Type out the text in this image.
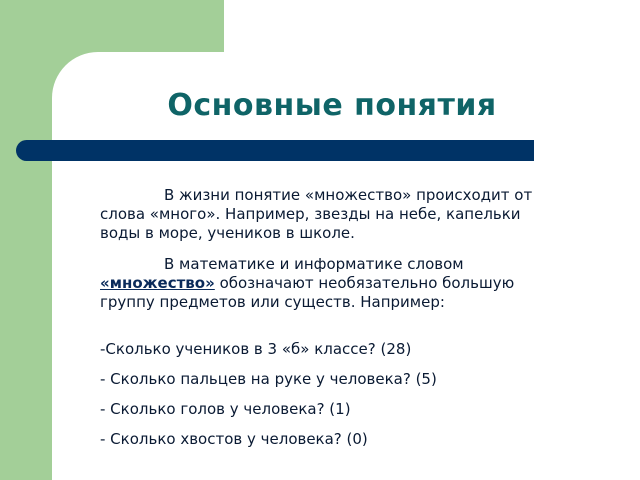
Основные понятия

В жизни понятие «множество» происходит от слова «много». Например, звезды на небе, капельки воды в море, учеников в школе.

В математике и информатике словом «множество» обозначают необязательно большую группу предметов или существ. Например:

-Сколько учеников в 3 «б» классе? (28)
- Сколько пальцев на руке у человека? (5)
- Сколько голов у человека? (1)
- Сколько хвостов у человека? (0)
